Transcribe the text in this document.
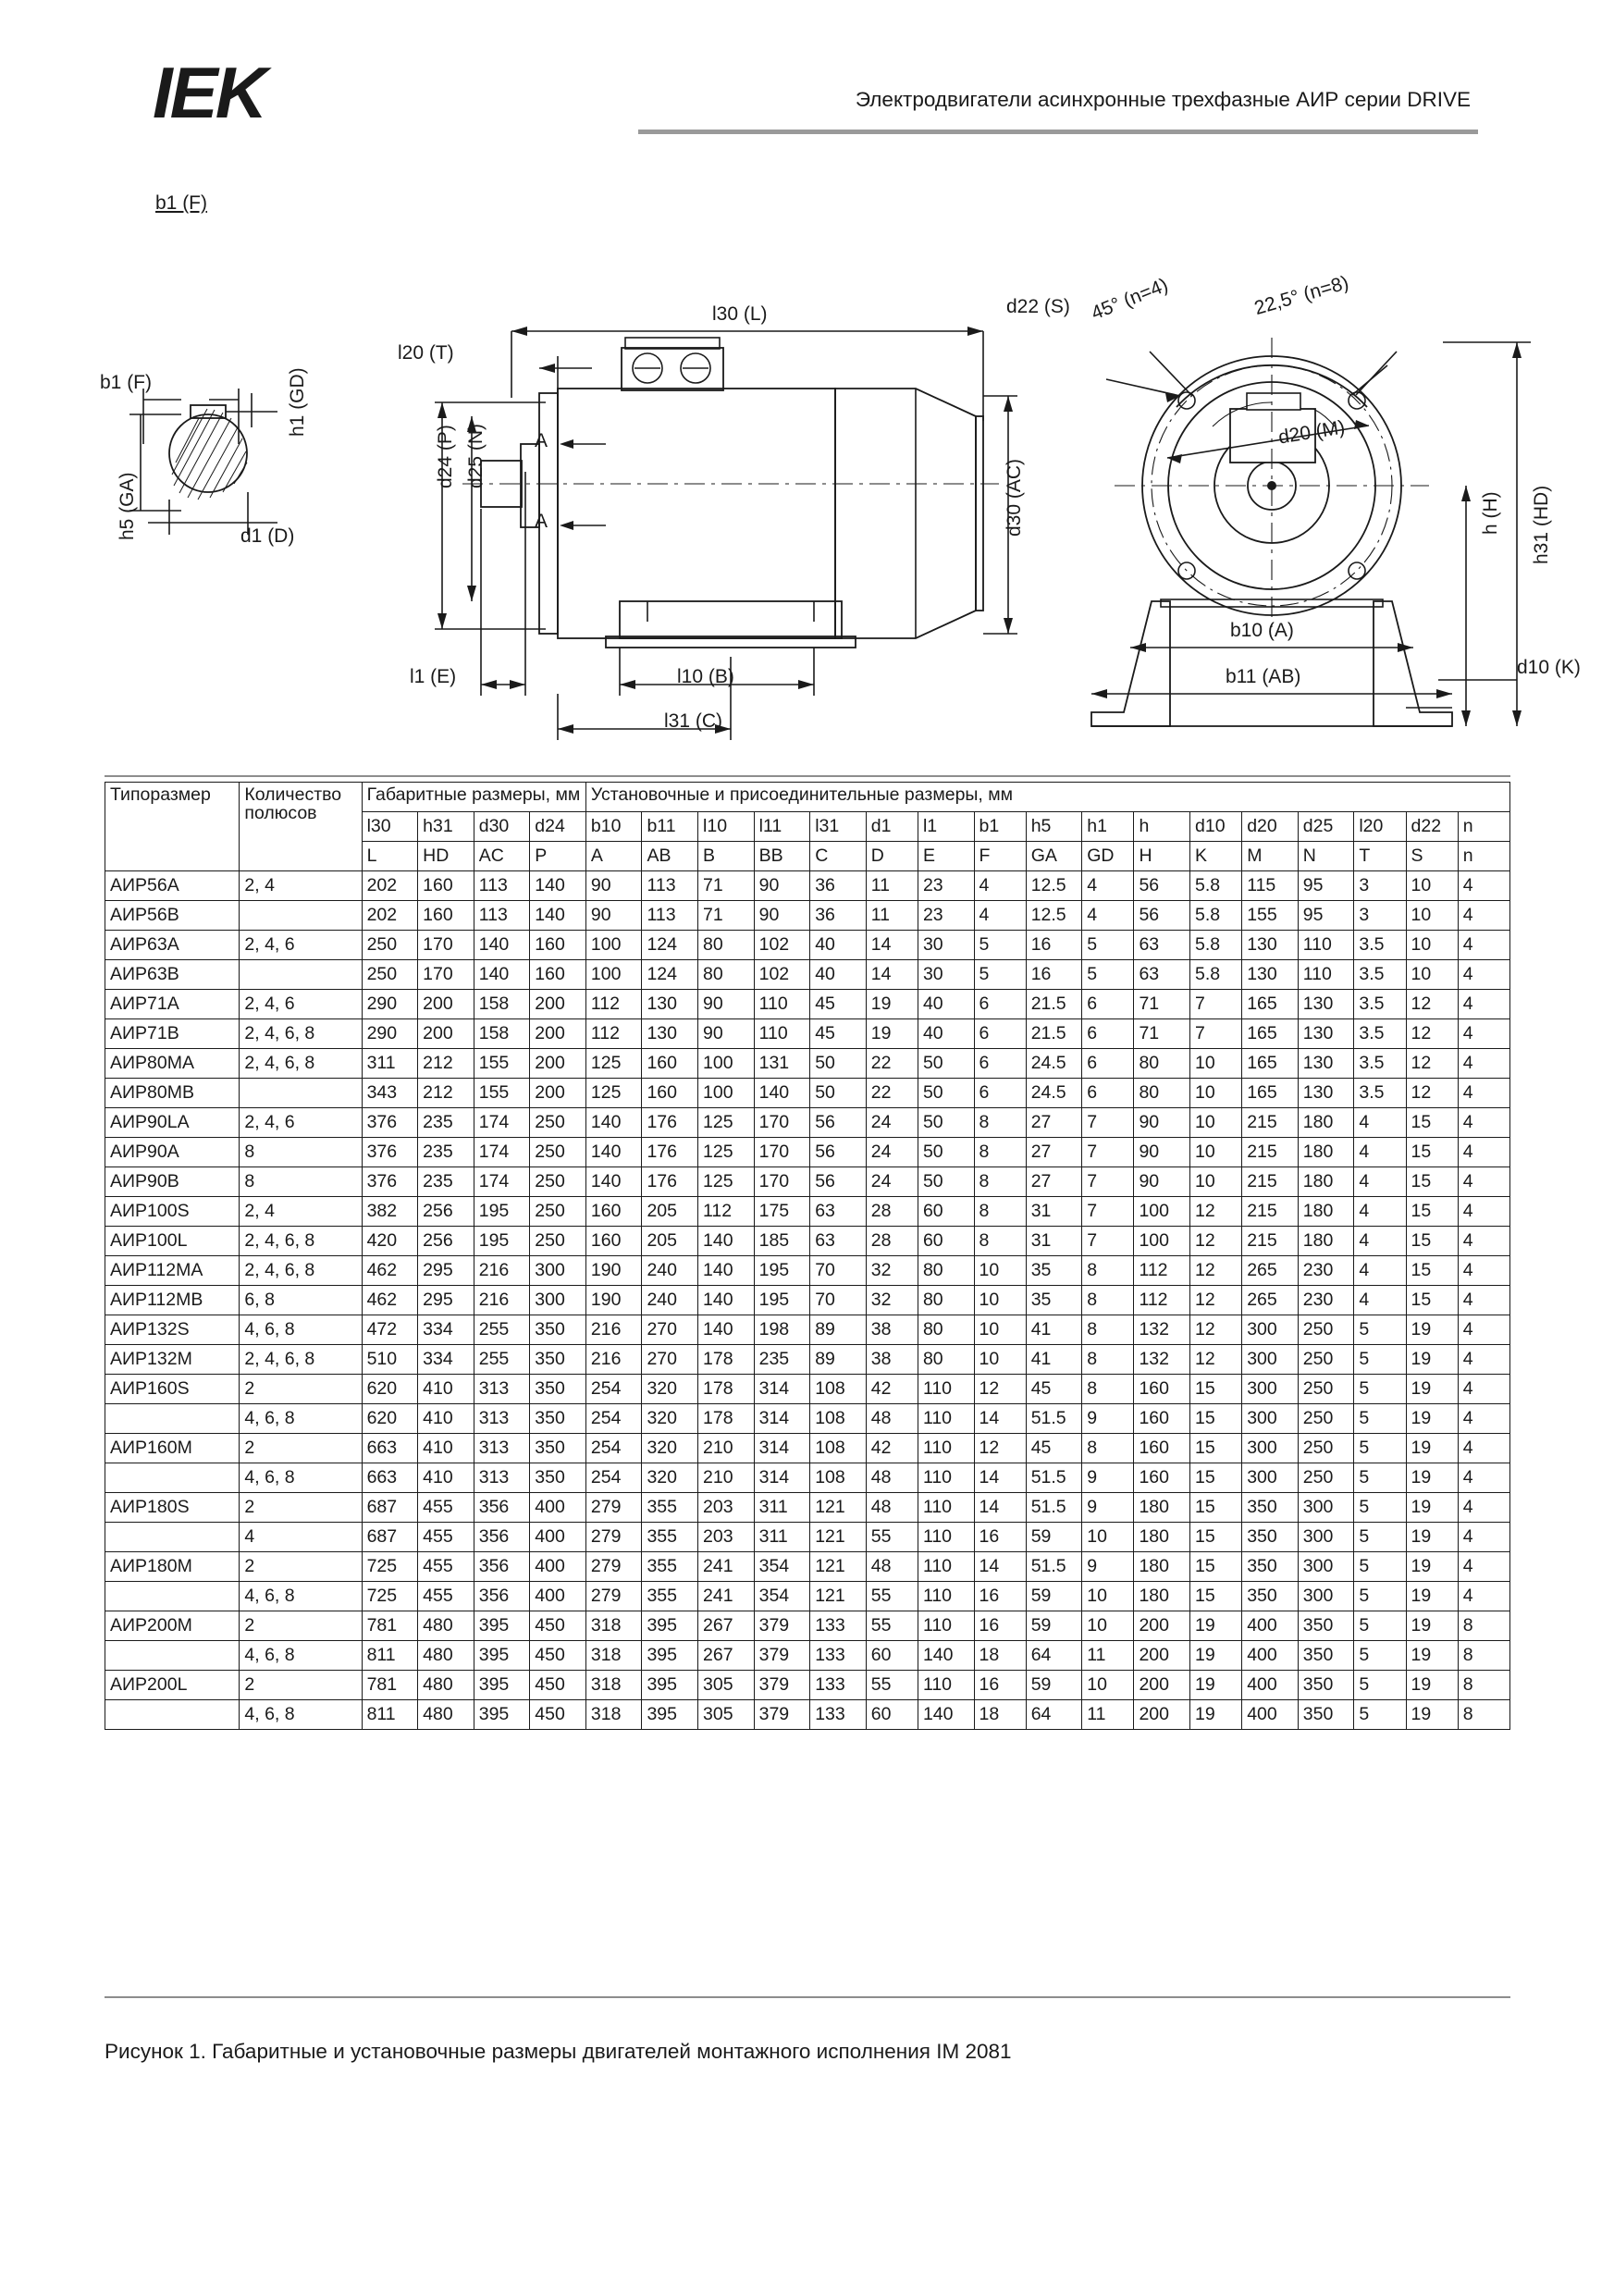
IEK	Электродвигатели асинхронные трехфазные АИР серии DRIVE
b1 (F)
b1 (F)	h1 (GD)
h5 (GA)	d1 (D)
l20 (T)
l30 (L)
d24 (P) d25 (N) A
A
l1 (E)	l10 (B)
l31 (C)
d30 (AC)
d22 (S) 45° (n=4)	22,5° (n=8)
d20 (M)
h31 (HD)
h (H)
d10 (K)
b10 (A)
b11 (AB)
Типоразмер	Количество полюсов	Габаритные размеры, мм				Установочные и присоединительные размеры, мм																
		l30	h31	d30	d24	b10	b11	l10	l11	l31	d1	l1	b1	h5	h1	h	d10	d20	d25	l20	d22	n
		L	HD	AC	P	A	AB	B	BB	C	D	E	F	GA	GD	H	K	M	N	T	S	n
АИР56А	2, 4	202	160	113	140	90	113	71	90	36	11	23	4	12.5	4	56	5.8	115	95	3	10	4
АИР56В		202	160	113	140	90	113	71	90	36	11	23	4	12.5	4	56	5.8	155	95	3	10	4
АИР63А	2, 4, 6	250	170	140	160	100	124	80	102	40	14	30	5	16	5	63	5.8	130	110	3.5	10	4
АИР63В		250	170	140	160	100	124	80	102	40	14	30	5	16	5	63	5.8	130	110	3.5	10	4
АИР71А	2, 4, 6	290	200	158	200	112	130	90	110	45	19	40	6	21.5	6	71	7	165	130	3.5	12	4
АИР71В	2, 4, 6, 8	290	200	158	200	112	130	90	110	45	19	40	6	21.5	6	71	7	165	130	3.5	12	4
АИР80МА	2, 4, 6, 8	311	212	155	200	125	160	100	131	50	22	50	6	24.5	6	80	10	165	130	3.5	12	4
АИР80МВ		343	212	155	200	125	160	100	140	50	22	50	6	24.5	6	80	10	165	130	3.5	12	4
АИР90LA	2, 4, 6	376	235	174	250	140	176	125	170	56	24	50	8	27	7	90	10	215	180	4	15	4
АИР90А	8	376	235	174	250	140	176	125	170	56	24	50	8	27	7	90	10	215	180	4	15	4
АИР90В	8	376	235	174	250	140	176	125	170	56	24	50	8	27	7	90	10	215	180	4	15	4
АИР100S	2, 4	382	256	195	250	160	205	112	175	63	28	60	8	31	7	100	12	215	180	4	15	4
АИР100L	2, 4, 6, 8	420	256	195	250	160	205	140	185	63	28	60	8	31	7	100	12	215	180	4	15	4
АИР112МА	2, 4, 6, 8	462	295	216	300	190	240	140	195	70	32	80	10	35	8	112	12	265	230	4	15	4
АИР112МВ	6, 8	462	295	216	300	190	240	140	195	70	32	80	10	35	8	112	12	265	230	4	15	4
АИР132S	4, 6, 8	472	334	255	350	216	270	140	198	89	38	80	10	41	8	132	12	300	250	5	19	4
АИР132М	2, 4, 6, 8	510	334	255	350	216	270	178	235	89	38	80	10	41	8	132	12	300	250	5	19	4
АИР160S	2	620	410	313	350	254	320	178	314	108	42	110	12	45	8	160	15	300	250	5	19	4
	4, 6, 8	620	410	313	350	254	320	178	314	108	48	110	14	51.5	9	160	15	300	250	5	19	4
АИР160М	2	663	410	313	350	254	320	210	314	108	42	110	12	45	8	160	15	300	250	5	19	4
	4, 6, 8	663	410	313	350	254	320	210	314	108	48	110	14	51.5	9	160	15	300	250	5	19	4
АИР180S	2	687	455	356	400	279	355	203	311	121	48	110	14	51.5	9	180	15	350	300	5	19	4
	4	687	455	356	400	279	355	203	311	121	55	110	16	59	10	180	15	350	300	5	19	4
АИР180М	2	725	455	356	400	279	355	241	354	121	48	110	14	51.5	9	180	15	350	300	5	19	4
	4, 6, 8	725	455	356	400	279	355	241	354	121	55	110	16	59	10	180	15	350	300	5	19	4
АИР200М	2	781	480	395	450	318	395	267	379	133	55	110	16	59	10	200	19	400	350	5	19	8
	4, 6, 8	811	480	395	450	318	395	267	379	133	60	140	18	64	11	200	19	400	350	5	19	8
АИР200L	2	781	480	395	450	318	395	305	379	133	55	110	16	59	10	200	19	400	350	5	19	8
	4, 6, 8	811	480	395	450	318	395	305	379	133	60	140	18	64	11	200	19	400	350	5	19	8
Рисунок 1. Габаритные и установочные размеры двигателей монтажного исполнения IM 2081
